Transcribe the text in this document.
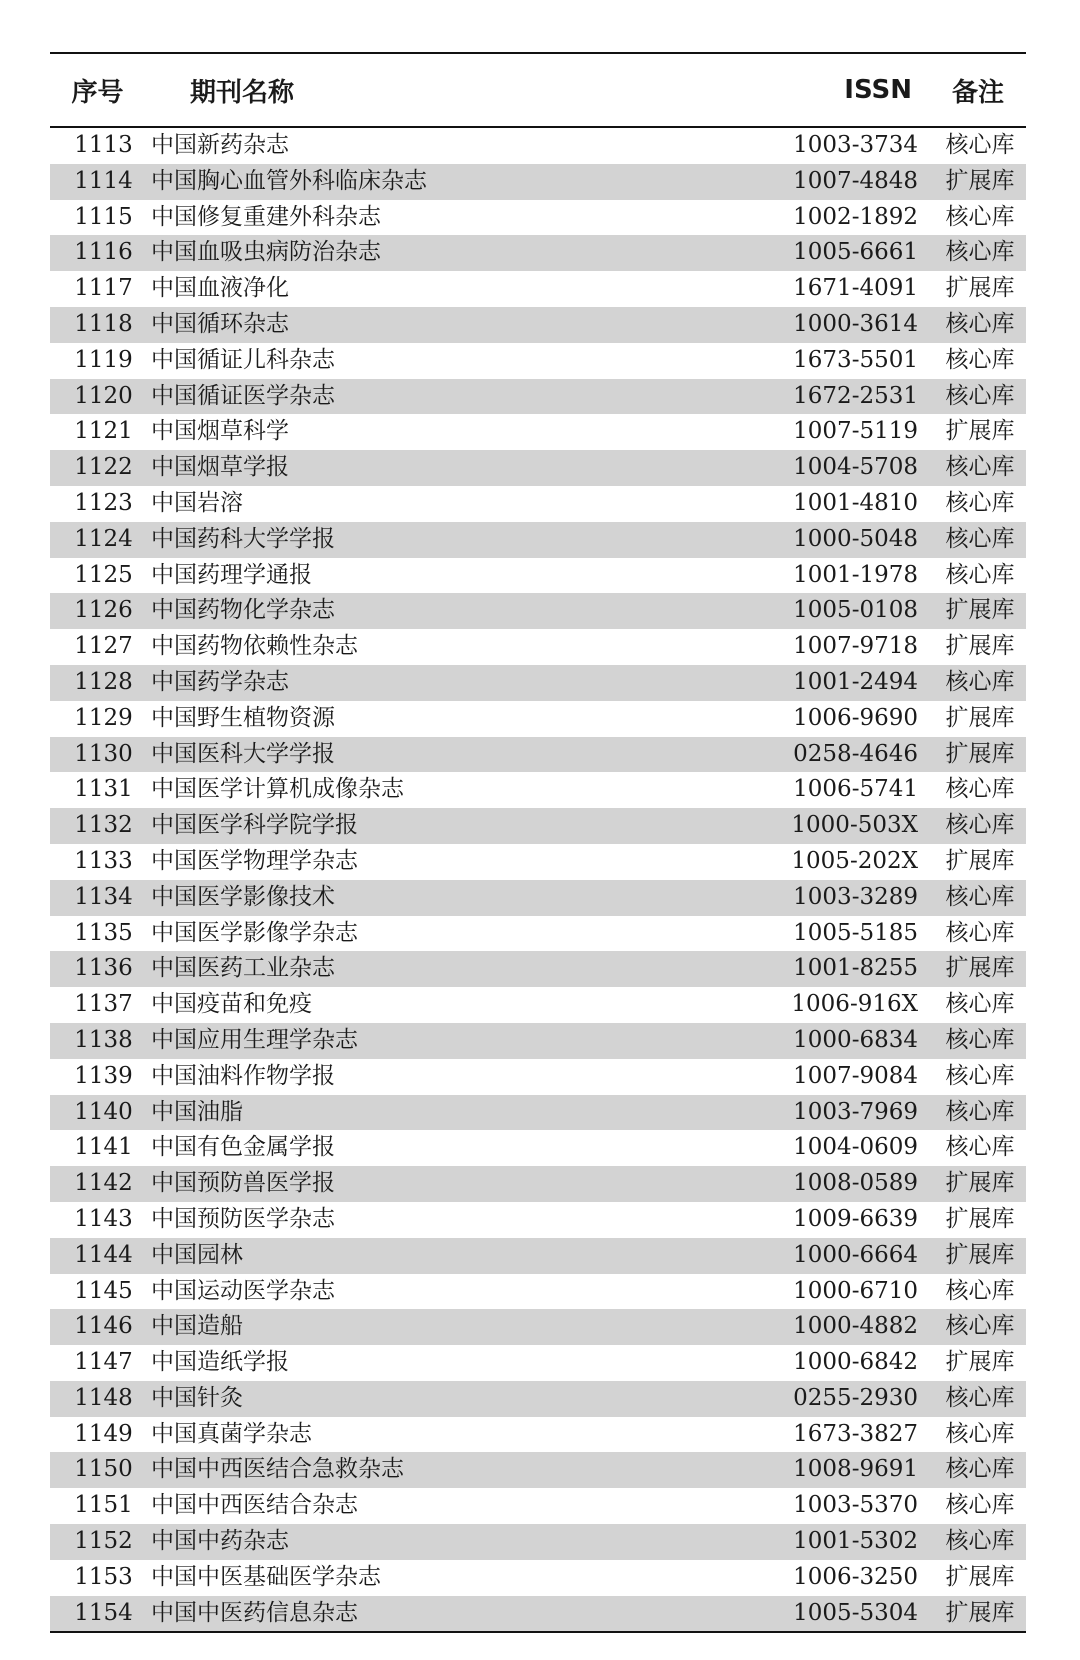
序号	期刊名称	ISSN	备注
1113	中国新药杂志	1003-3734	核心库
1114	中国胸心血管外科临床杂志	1007-4848	扩展库
1115	中国修复重建外科杂志	1002-1892	核心库
1116	中国血吸虫病防治杂志	1005-6661	核心库
1117	中国血液净化	1671-4091	扩展库
1118	中国循环杂志	1000-3614	核心库
1119	中国循证儿科杂志	1673-5501	核心库
1120	中国循证医学杂志	1672-2531	核心库
1121	中国烟草科学	1007-5119	扩展库
1122	中国烟草学报	1004-5708	核心库
1123	中国岩溶	1001-4810	核心库
1124	中国药科大学学报	1000-5048	核心库
1125	中国药理学通报	1001-1978	核心库
1126	中国药物化学杂志	1005-0108	扩展库
1127	中国药物依赖性杂志	1007-9718	扩展库
1128	中国药学杂志	1001-2494	核心库
1129	中国野生植物资源	1006-9690	扩展库
1130	中国医科大学学报	0258-4646	扩展库
1131	中国医学计算机成像杂志	1006-5741	核心库
1132	中国医学科学院学报	1000-503X	核心库
1133	中国医学物理学杂志	1005-202X	扩展库
1134	中国医学影像技术	1003-3289	核心库
1135	中国医学影像学杂志	1005-5185	核心库
1136	中国医药工业杂志	1001-8255	扩展库
1137	中国疫苗和免疫	1006-916X	核心库
1138	中国应用生理学杂志	1000-6834	核心库
1139	中国油料作物学报	1007-9084	核心库
1140	中国油脂	1003-7969	核心库
1141	中国有色金属学报	1004-0609	核心库
1142	中国预防兽医学报	1008-0589	扩展库
1143	中国预防医学杂志	1009-6639	扩展库
1144	中国园林	1000-6664	扩展库
1145	中国运动医学杂志	1000-6710	核心库
1146	中国造船	1000-4882	核心库
1147	中国造纸学报	1000-6842	扩展库
1148	中国针灸	0255-2930	核心库
1149	中国真菌学杂志	1673-3827	核心库
1150	中国中西医结合急救杂志	1008-9691	核心库
1151	中国中西医结合杂志	1003-5370	核心库
1152	中国中药杂志	1001-5302	核心库
1153	中国中医基础医学杂志	1006-3250	扩展库
1154	中国中医药信息杂志	1005-5304	扩展库
